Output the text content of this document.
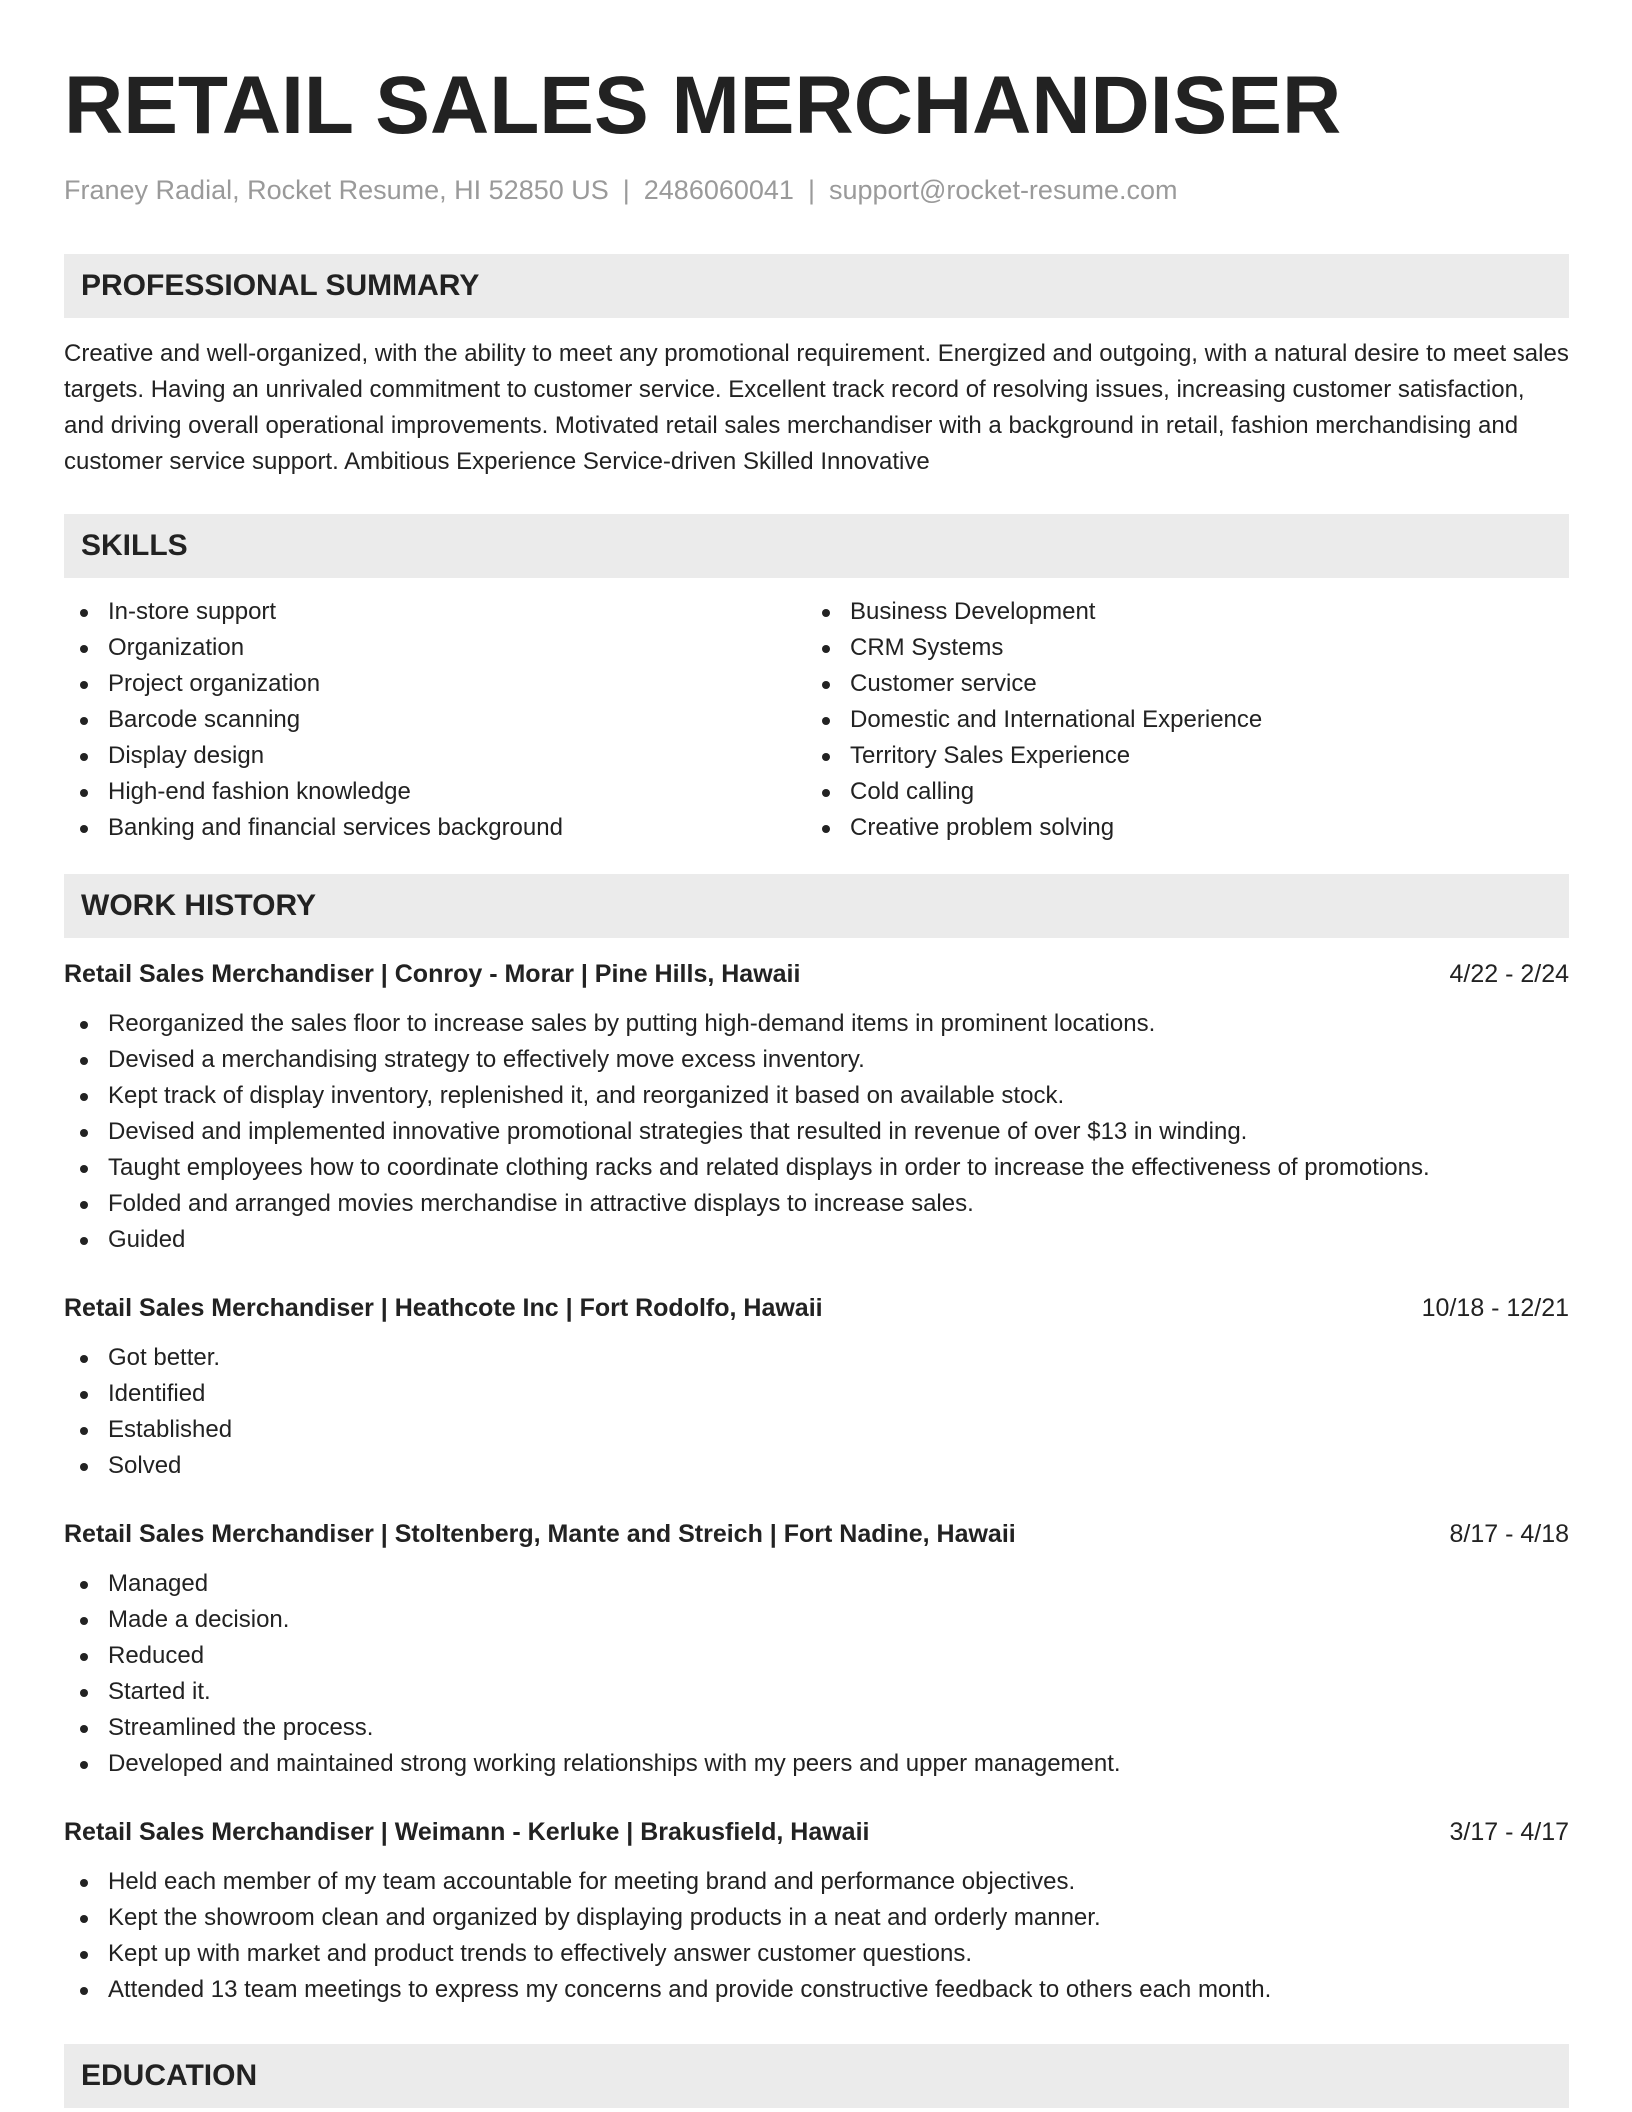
RETAIL SALES MERCHANDISER
Franey Radial, Rocket Resume, HI 52850 US | 2486060041 | support@rocket-resume.com
PROFESSIONAL SUMMARY

Creative and well-organized, with the ability to meet any promotional requirement. Energized and outgoing, with a natural desire to meet sales targets. Having an unrivaled commitment to customer service. Excellent track record of resolving issues, increasing customer satisfaction, and driving overall operational improvements. Motivated retail sales merchandiser with a background in retail, fashion merchandising and customer service support. Ambitious Experience Service-driven Skilled Innovative

SKILLS
In-store support
Organization
Project organization
Barcode scanning
Display design
High-end fashion knowledge
Banking and financial services background
Business Development
CRM Systems
Customer service
Domestic and International Experience
Territory Sales Experience
Cold calling
Creative problem solving
WORK HISTORY
Retail Sales Merchandiser | Conroy - Morar | Pine Hills, Hawaii	4/22 - 2/24
Reorganized the sales floor to increase sales by putting high-demand items in prominent locations.
Devised a merchandising strategy to effectively move excess inventory.
Kept track of display inventory, replenished it, and reorganized it based on available stock.
Devised and implemented innovative promotional strategies that resulted in revenue of over $13 in winding.
Taught employees how to coordinate clothing racks and related displays in order to increase the effectiveness of promotions.
Folded and arranged movies merchandise in attractive displays to increase sales.
Guided
Retail Sales Merchandiser | Heathcote Inc | Fort Rodolfo, Hawaii	10/18 - 12/21
Got better.
Identified
Established
Solved
Retail Sales Merchandiser | Stoltenberg, Mante and Streich | Fort Nadine, Hawaii	8/17 - 4/18
Managed
Made a decision.
Reduced
Started it.
Streamlined the process.
Developed and maintained strong working relationships with my peers and upper management.
Retail Sales Merchandiser | Weimann - Kerluke | Brakusfield, Hawaii	3/17 - 4/17
Held each member of my team accountable for meeting brand and performance objectives.
Kept the showroom clean and organized by displaying products in a neat and orderly manner.
Kept up with market and product trends to effectively answer customer questions.
Attended 13 team meetings to express my concerns and provide constructive feedback to others each month.
EDUCATION
